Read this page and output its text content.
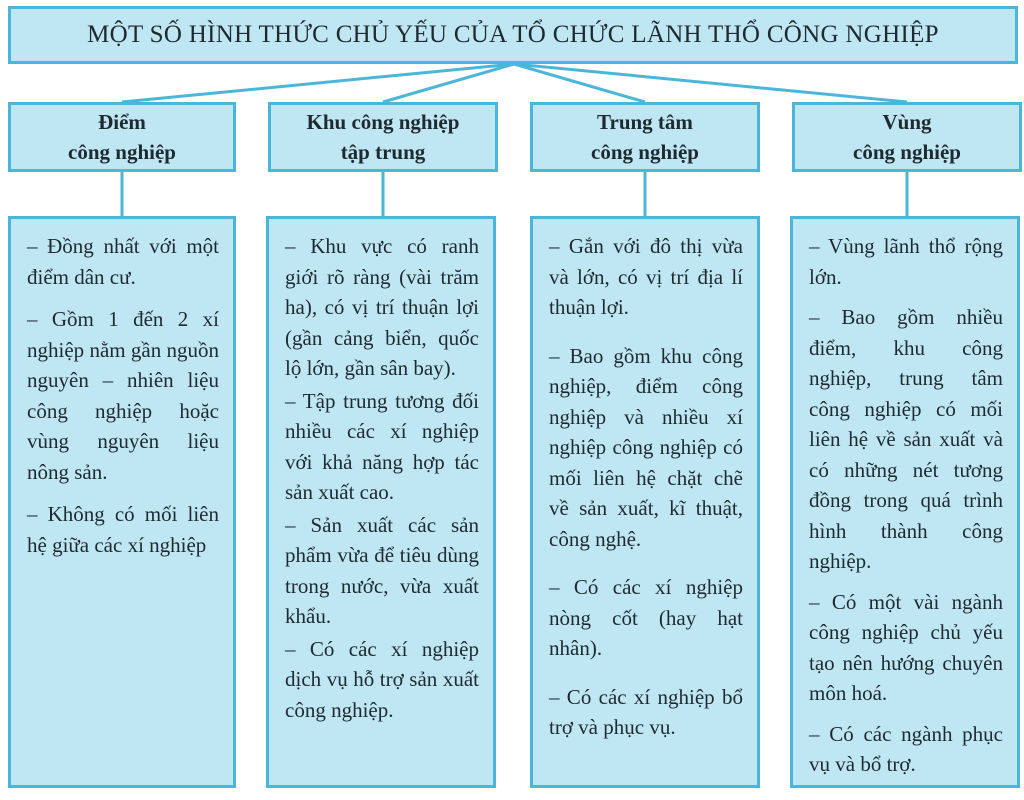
MỘT SỐ HÌNH THỨC CHỦ YẾU CỦA TỔ CHỨC LÃNH THỔ CÔNG NGHIỆP
Điểm
công nghiệp
Khu công nghiệp
tập trung
Trung tâm
công nghiệp
Vùng
công nghiệp

– Đồng nhất với một điểm dân cư.

– Gồm 1 đến 2 xí nghiệp nằm gần nguồn nguyên – nhiên liệu công nghiệp hoặc vùng nguyên liệu nông sản.

– Không có mối liên hệ giữa các xí nghiệp

– Khu vực có ranh giới rõ ràng (vài trăm ha), có vị trí thuận lợi (gần cảng biển, quốc lộ lớn, gần sân bay).

– Tập trung tương đối nhiều các xí nghiệp với khả năng hợp tác sản xuất cao.

– Sản xuất các sản phẩm vừa để tiêu dùng trong nước, vừa xuất khẩu.

– Có các xí nghiệp dịch vụ hỗ trợ sản xuất công nghiệp.

– Gắn với đô thị vừa và lớn, có vị trí địa lí thuận lợi.

– Bao gồm khu công nghiệp, điểm công nghiệp và nhiều xí nghiệp công nghiệp có mối liên hệ chặt chẽ về sản xuất, kĩ thuật, công nghệ.

– Có các xí nghiệp nòng cốt (hay hạt nhân).

– Có các xí nghiệp bổ trợ và phục vụ.

– Vùng lãnh thổ rộng lớn.

– Bao gồm nhiều điểm, khu công nghiệp, trung tâm công nghiệp có mối liên hệ về sản xuất và có những nét tương đồng trong quá trình hình thành công nghiệp.

– Có một vài ngành công nghiệp chủ yếu tạo nên hướng chuyên môn hoá.

– Có các ngành phục vụ và bổ trợ.
